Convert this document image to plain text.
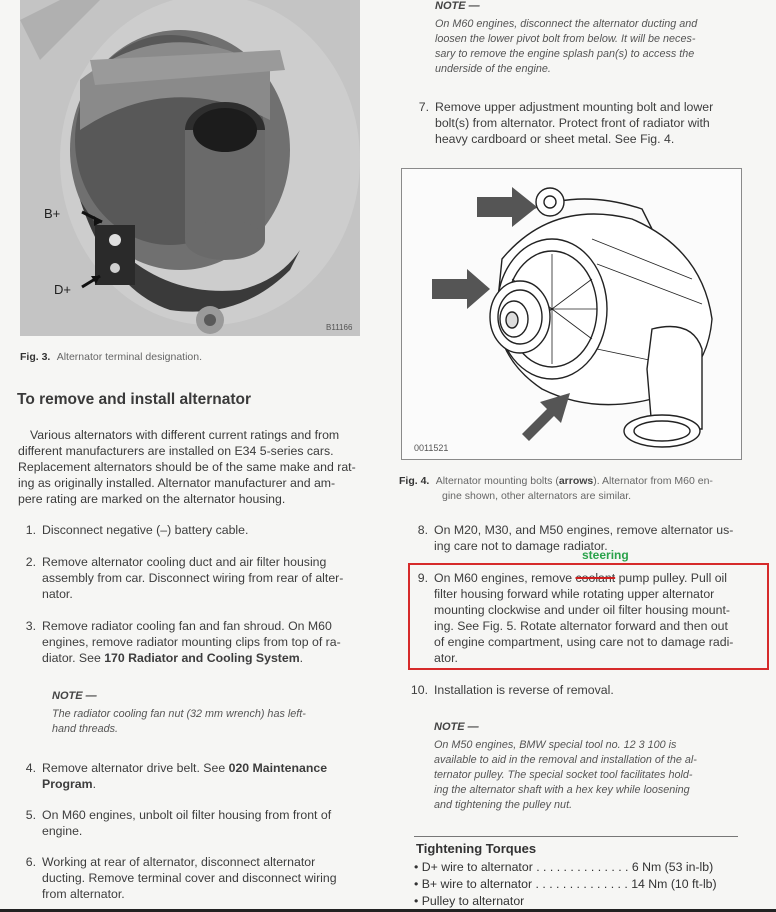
B+
D+
B11166
Fig. 3. Alternator terminal designation.
To remove and install alternator
Various alternators with different current ratings and from
different manufacturers are installed on E34 5-series cars.
Replacement alternators should be of the same make and rat-
ing as originally installed. Alternator manufacturer and am-
pere rating are marked on the alternator housing.
1. Disconnect negative (–) battery cable.
2. Remove alternator cooling duct and air filter housing
assembly from car. Disconnect wiring from rear of alter-
nator.
3. Remove radiator cooling fan and fan shroud. On M60
engines, remove radiator mounting clips from top of ra-
diator. See 170 Radiator and Cooling System.
NOTE —
The radiator cooling fan nut (32 mm wrench) has left-
hand threads.
4. Remove alternator drive belt. See 020 Maintenance
Program.
5. On M60 engines, unbolt oil filter housing from front of
engine.
6. Working at rear of alternator, disconnect alternator
ducting. Remove terminal cover and disconnect wiring
from alternator.
NOTE —
On M60 engines, disconnect the alternator ducting and
loosen the lower pivot bolt from below. It will be neces-
sary to remove the engine splash pan(s) to access the
underside of the engine.
7. Remove upper adjustment mounting bolt and lower
bolt(s) from alternator. Protect front of radiator with
heavy cardboard or sheet metal. See Fig. 4.
0011521
Fig. 4. Alternator mounting bolts (arrows). Alternator from M60 en-
gine shown, other alternators are similar.
8. On M20, M30, and M50 engines, remove alternator us-
ing care not to damage radiator.
steering
9. On M60 engines, remove coolant pump pulley. Pull oil
filter housing forward while rotating upper alternator
mounting clockwise and under oil filter housing mount-
ing. See Fig. 5. Rotate alternator forward and then out
of engine compartment, using care not to damage radi-
ator.
10. Installation is reverse of removal.
NOTE —
On M50 engines, BMW special tool no. 12 3 100 is
available to aid in the removal and installation of the al-
ternator pulley. The special socket tool facilitates hold-
ing the alternator shaft with a hex key while loosening
and tightening the pulley nut.
Tightening Torques
• D+ wire to alternator . . . . . . . . . . . . . . 6 Nm (53 in-lb)
• B+ wire to alternator . . . . . . . . . . . . . . 14 Nm (10 ft-lb)
• Pulley to alternator
